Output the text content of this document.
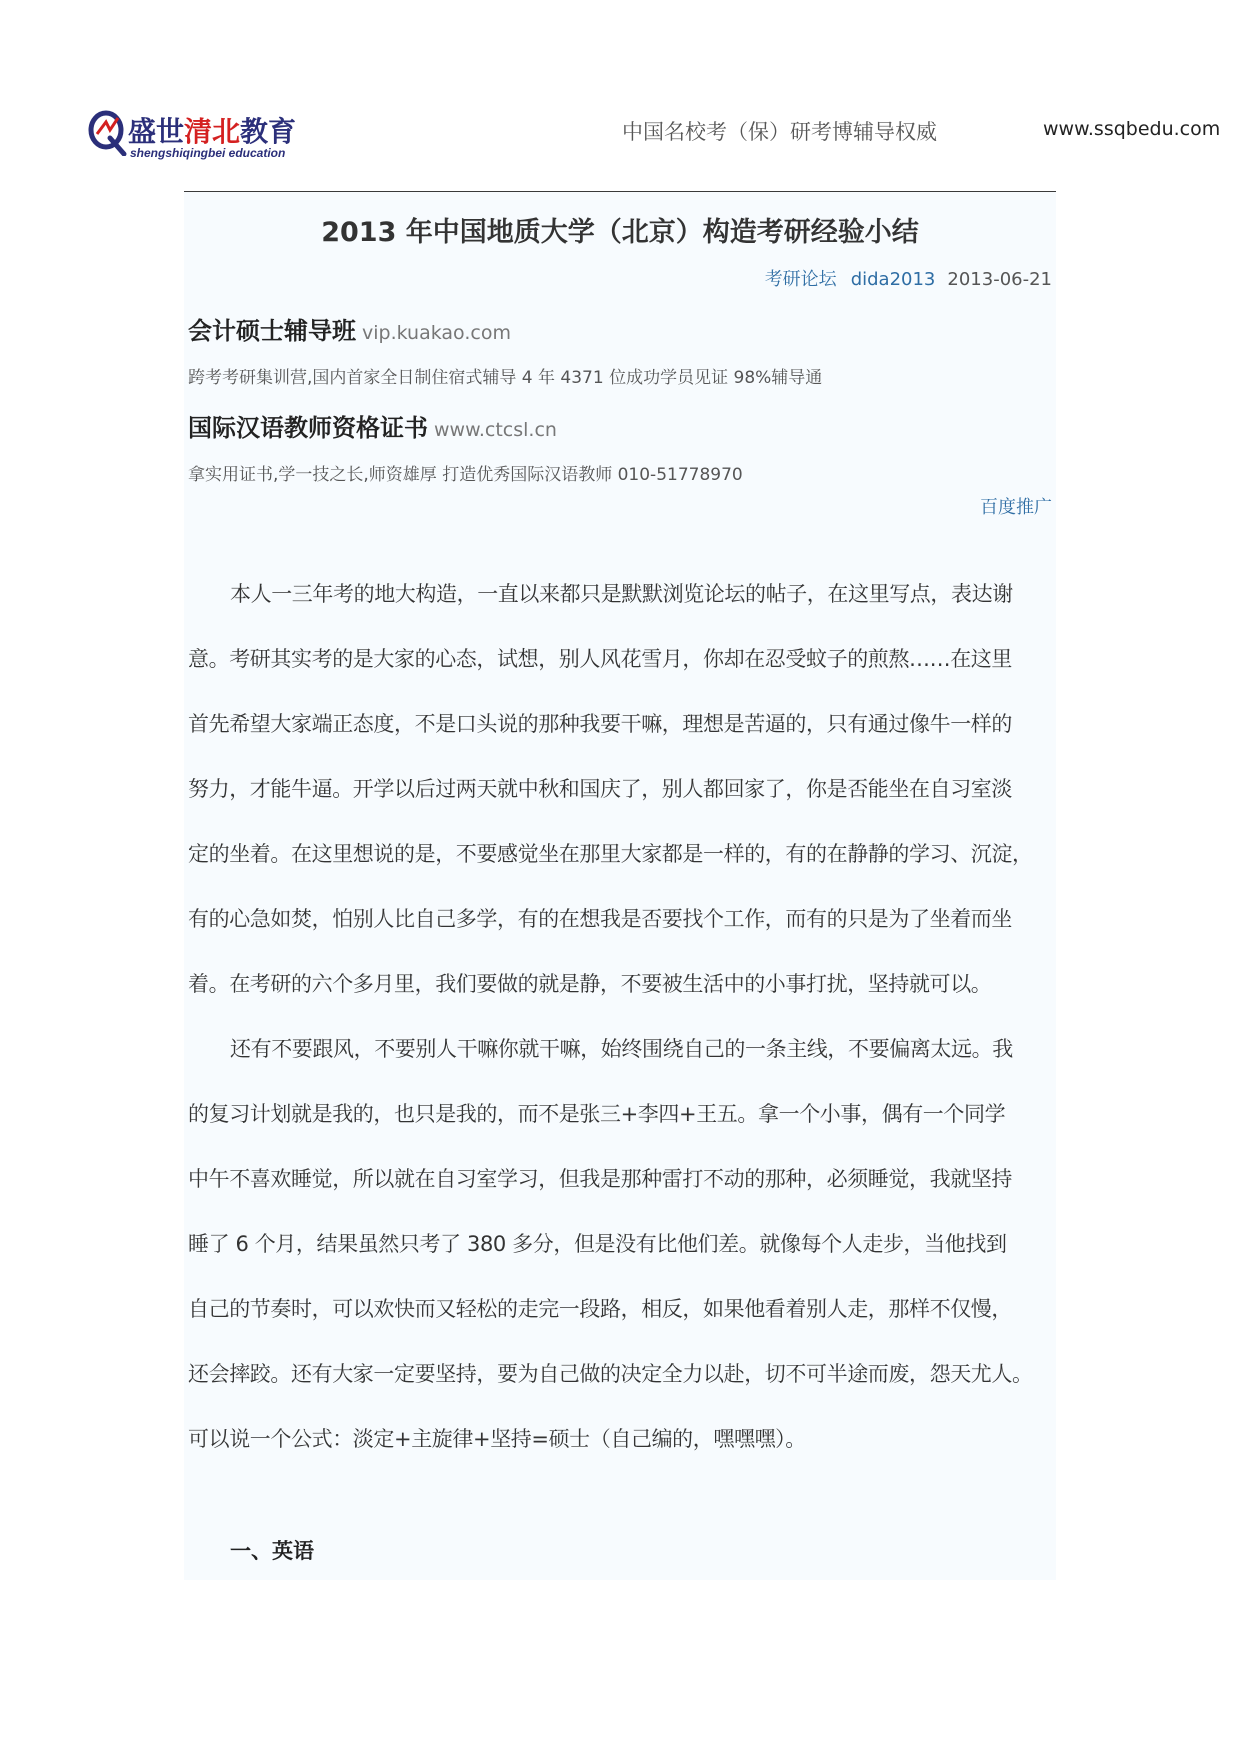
盛世清北教育
shengshiqingbei education
中国名校考（保）研考博辅导权威	www.ssqbedu.com
2013 年中国地质大学（北京）构造考研经验小结
考研论坛 dida2013 2013-06-21
会计硕士辅导班 vip.kuakao.com
跨考考研集训营,国内首家全日制住宿式辅导 4 年 4371 位成功学员见证 98%辅导通
国际汉语教师资格证书 www.ctcsl.cn
拿实用证书,学一技之长,师资雄厚 打造优秀国际汉语教师 010-51778970
百度推广
本人一三年考的地大构造，一直以来都只是默默浏览论坛的帖子，在这里写点，表达谢
意。考研其实考的是大家的心态，试想，别人风花雪月，你却在忍受蚊子的煎熬……在这里
首先希望大家端正态度，不是口头说的那种我要干嘛，理想是苦逼的，只有通过像牛一样的
努力，才能牛逼。开学以后过两天就中秋和国庆了，别人都回家了，你是否能坐在自习室淡
定的坐着。在这里想说的是，不要感觉坐在那里大家都是一样的，有的在静静的学习、沉淀，
有的心急如焚，怕别人比自己多学，有的在想我是否要找个工作，而有的只是为了坐着而坐
着。在考研的六个多月里，我们要做的就是静，不要被生活中的小事打扰，坚持就可以。
还有不要跟风，不要别人干嘛你就干嘛，始终围绕自己的一条主线，不要偏离太远。我
的复习计划就是我的，也只是我的，而不是张三+李四+王五。拿一个小事，偶有一个同学
中午不喜欢睡觉，所以就在自习室学习，但我是那种雷打不动的那种，必须睡觉，我就坚持
睡了 6 个月，结果虽然只考了 380 多分，但是没有比他们差。就像每个人走步，当他找到
自己的节奏时，可以欢快而又轻松的走完一段路，相反，如果他看着别人走，那样不仅慢，
还会摔跤。还有大家一定要坚持，要为自己做的决定全力以赴，切不可半途而废，怨天尤人。
可以说一个公式：淡定+主旋律+坚持=硕士（自己编的，嘿嘿嘿）。
一、英语
